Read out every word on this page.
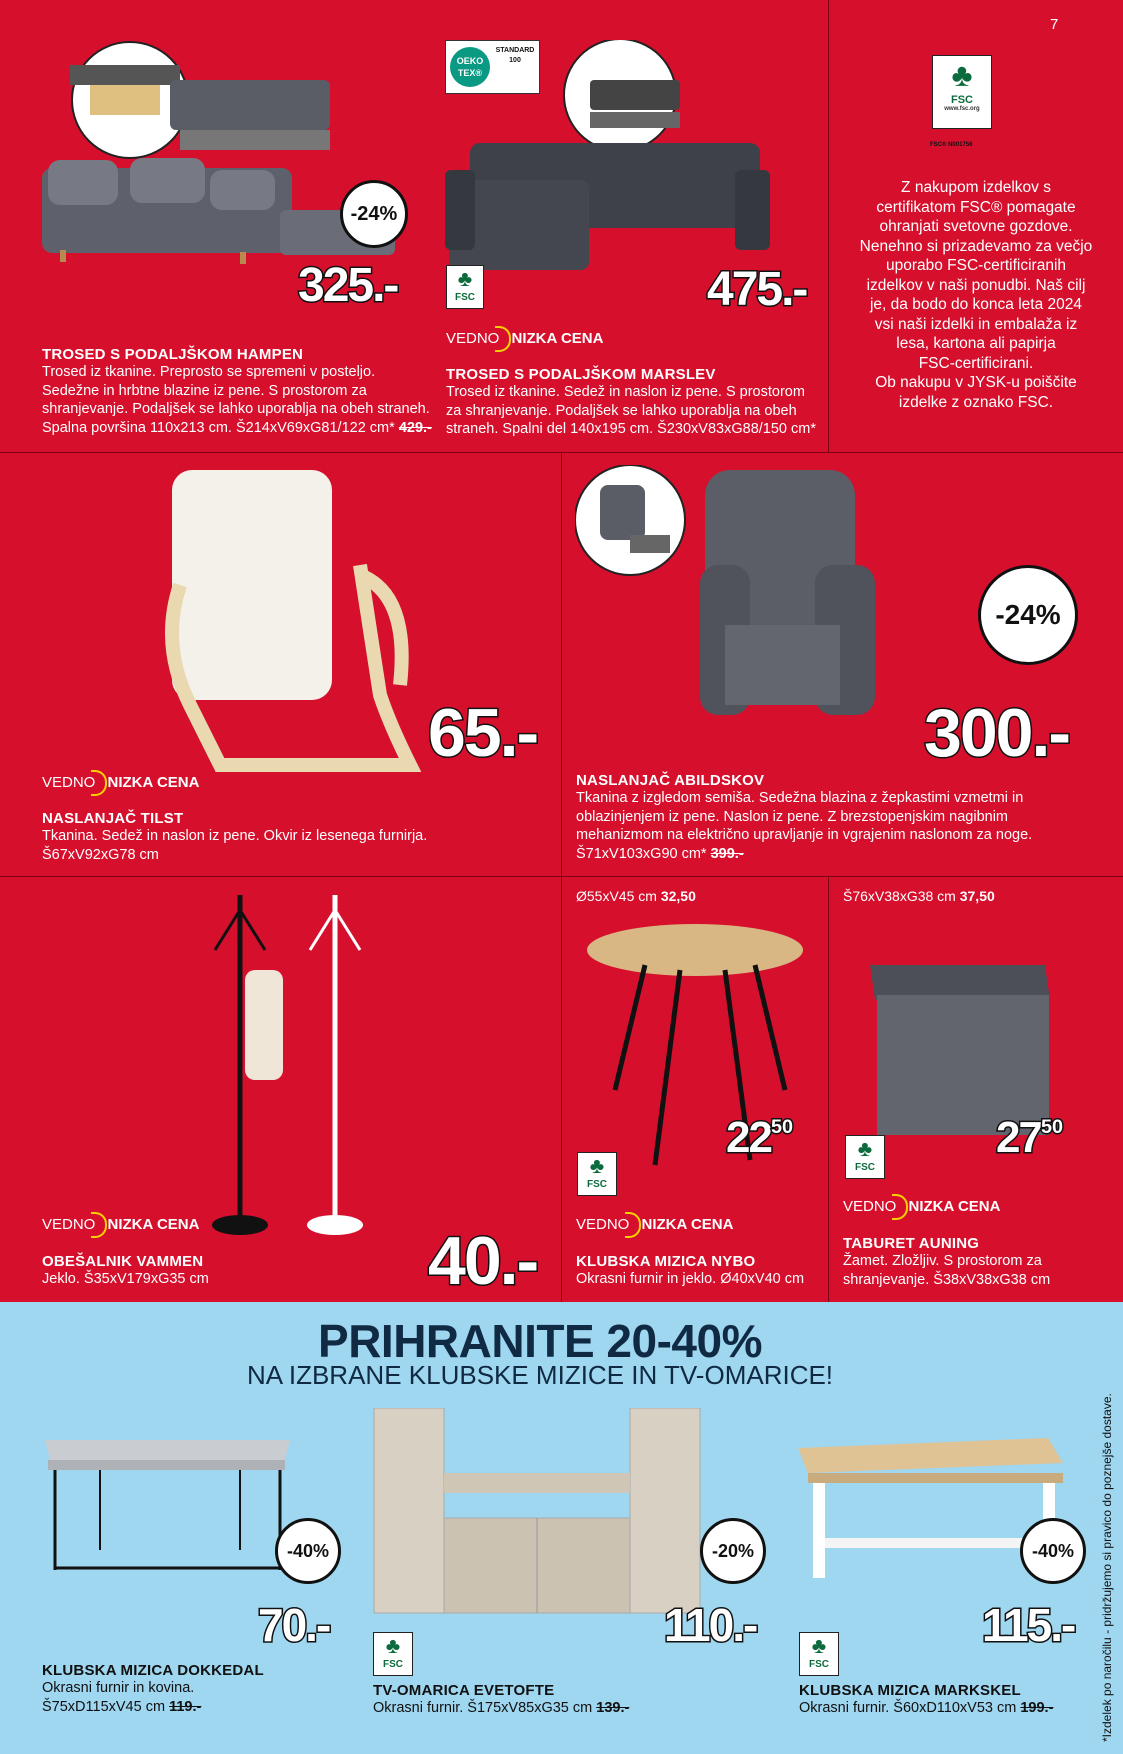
7
-24%
325.-
TROSED S PODALJŠKOM HAMPEN
Trosed iz tkanine. Preprosto se spremeni v posteljo.
Sedežne in hrbtne blazine iz pene. S prostorom za
shranjevanje. Podaljšek se lahko uporablja na obeh straneh.
Spalna površina 110x213 cm. Š214xV69xG81/122 cm* 429.-
OEKO
TEX®
STANDARD
100
♣
FSC	475.-
VEDNO NIZKA CENA
TROSED S PODALJŠKOM MARSLEV
Trosed iz tkanine. Sedež in naslon iz pene. S prostorom
za shranjevanje. Podaljšek se lahko uporablja na obeh
straneh. Spalni del 140x195 cm. Š230xV83xG88/150 cm*
♣
FSC
www.fsc.org
FSC® N001756
Z nakupom izdelkov s
certifikatom FSC® pomagate
ohranjati svetovne gozdove.
Nenehno si prizadevamo za večjo
uporabo FSC-certificiranih
izdelkov v naši ponudbi. Naš cilj
je, da bodo do konca leta 2024
vsi naši izdelki in embalaža iz
lesa, kartona ali papirja
FSC-certificirani.
Ob nakupu v JYSK-u poiščite
izdelke z oznako FSC.
65.-
VEDNO NIZKA CENA
NASLANJAČ TILST
Tkanina. Sedež in naslon iz pene. Okvir iz lesenega furnirja.
Š67xV92xG78 cm
-24%
300.-
NASLANJAČ ABILDSKOV
Tkanina z izgledom semiša. Sedežna blazina z žepkastimi vzmetmi in
oblazinjenjem iz pene. Naslon iz pene. Z brezstopenjskim nagibnim
mehanizmom na električno upravljanje in vgrajenim naslonom za noge.
Š71xV103xG90 cm* 399.-
40.-
VEDNO NIZKA CENA
OBEŠALNIK VAMMEN
Jeklo. Š35xV179xG35 cm
Ø55xV45 cm 32,50
$22^{50}$
♣
FSC
VEDNO NIZKA CENA
KLUBSKA MIZICA NYBO
Okrasni furnir in jeklo. Ø40xV40 cm
Š76xV38xG38 cm 37,50
$27^{50}$
♣
FSC
VEDNO NIZKA CENA
TABURET AUNING
Žamet. Zložljiv. S prostorom za
shranjevanje. Š38xV38xG38 cm
PRIHRANITE 20-40%
NA IZBRANE KLUBSKE MIZICE IN TV-OMARICE!
-40%
70.-
KLUBSKA MIZICA DOKKEDAL
Okrasni furnir in kovina.
Š75xD115xV45 cm 119.-
-20%
♣
FSC
110.-
TV-OMARICA EVETOFTE
Okrasni furnir. Š175xV85xG35 cm 139.-
-40%
♣
FSC
115.-
KLUBSKA MIZICA MARKSKEL
Okrasni furnir. Š60xD110xV53 cm 199.-	*Izdelek po naročilu - pridržujemo si pravico do poznejše dostave.
